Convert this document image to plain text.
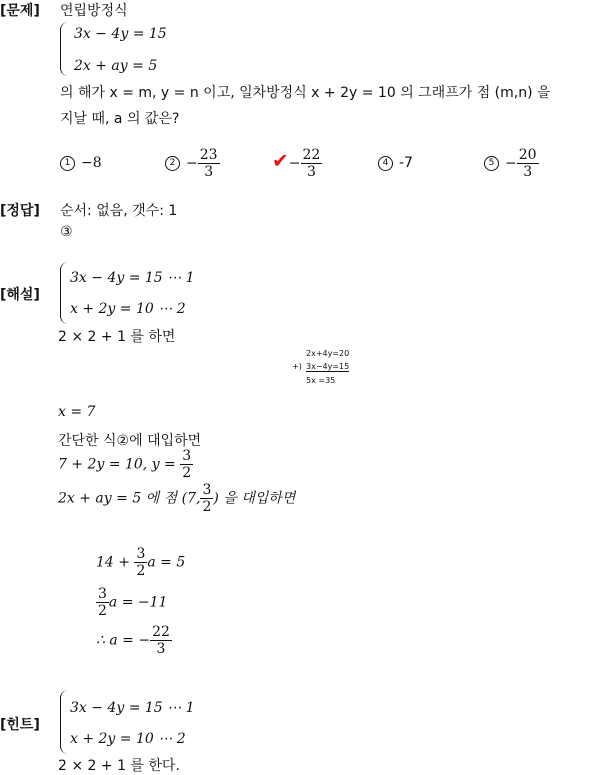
[문제] 연립방정식
3x − 4y = 15
2x + ay = 5
의 해가 x = m, y = n 이고, 일차방정식 x + 2y = 10 의 그래프가 점 (m,n) 을
지날 때, a 의 값은?
1 −8	$2 - \frac{23}{3}$	✔− $\frac{22}{3}$	4 -7	$5 - \frac{20}{3}$
[정답] 순서: 없음, 갯수: 1
③
[해설]
3x − 4y = 15 ⋯ 1
x + 2y = 10 ⋯ 2
2 × 2 + 1 를 하면
2x+4y=20
+) 3x−4y=15
5x =35
x = 7
간단한 식②에 대입하면
7 + 2y = 10, $y = \frac{3}{2}$
2x + ay = 5 에 점 (7, $\frac{3}{2}$ ) 을 대입하면
$14 + \frac{3}{2}$ a = 5
$\frac{3}{2}$ a = −11
∴ a = − $\frac{22}{3}$
[힌트]
3x − 4y = 15 ⋯ 1
x + 2y = 10 ⋯ 2
2 × 2 + 1 를 한다.
